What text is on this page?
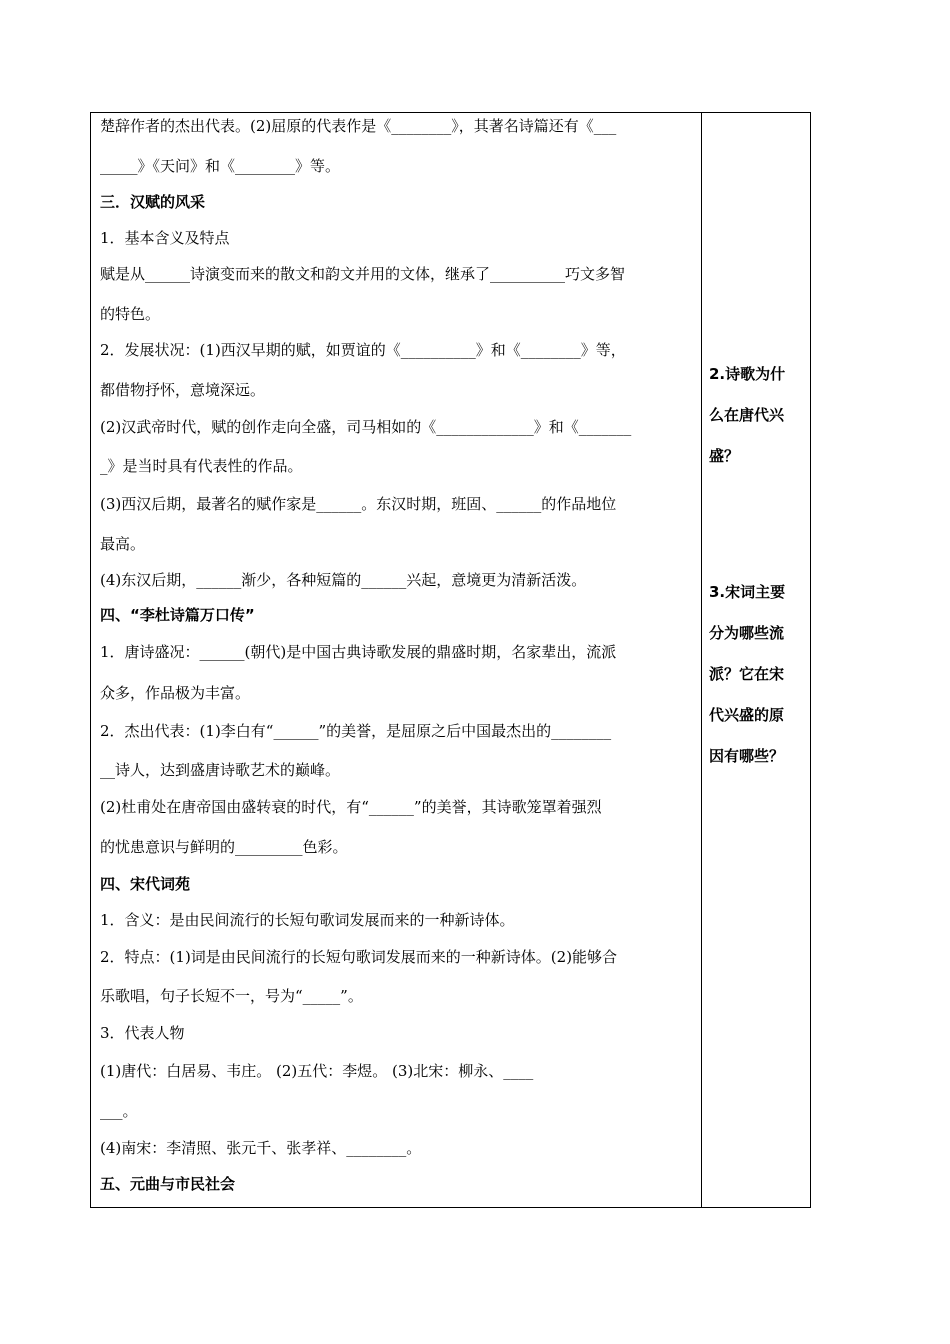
楚辞作者的杰出代表。(2)屈原的代表作是《________》，其著名诗篇还有《___

_____》《天问》和《________》等。

三．汉赋的风采

1．基本含义及特点

赋是从______诗演变而来的散文和韵文并用的文体，继承了__________巧文多智

的特色。

2．发展状况：(1)西汉早期的赋，如贾谊的《__________》和《________》等，

都借物抒怀，意境深远。

(2)汉武帝时代，赋的创作走向全盛，司马相如的《_____________》和《_______

_》是当时具有代表性的作品。

(3)西汉后期，最著名的赋作家是______。东汉时期，班固、______的作品地位

最高。

(4)东汉后期，______渐少，各种短篇的______兴起，意境更为清新活泼。

四、“李杜诗篇万口传”

1．唐诗盛况：______(朝代)是中国古典诗歌发展的鼎盛时期，名家辈出，流派

众多，作品极为丰富。

2．杰出代表：(1)李白有“______”的美誉，是屈原之后中国最杰出的________

__诗人，达到盛唐诗歌艺术的巅峰。

(2)杜甫处在唐帝国由盛转衰的时代，有“______”的美誉，其诗歌笼罩着强烈

的忧患意识与鲜明的_________色彩。

四、宋代词苑

1．含义：是由民间流行的长短句歌词发展而来的一种新诗体。

2．特点：(1)词是由民间流行的长短句歌词发展而来的一种新诗体。(2)能够合

乐歌唱，句子长短不一，号为“_____”。

3．代表人物

(1)唐代：白居易、韦庄。 (2)五代：李煜。 (3)北宋：柳永、____

___。

(4)南宋：李清照、张元千、张孝祥、________。

五、元曲与市民社会

2.诗歌为什
么在唐代兴
盛？
3.宋词主要
分为哪些流
派？它在宋
代兴盛的原
因有哪些？
